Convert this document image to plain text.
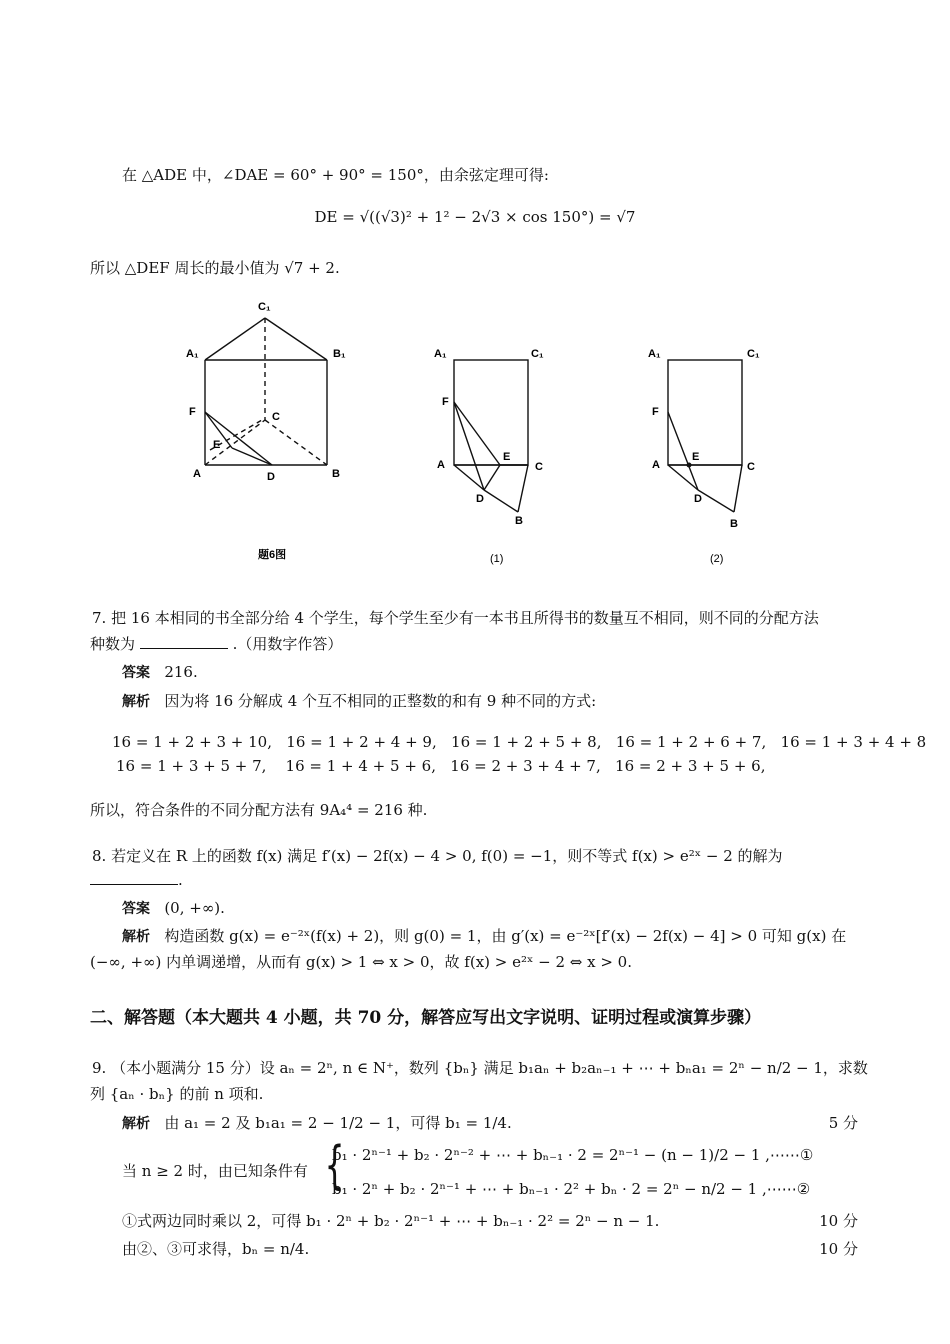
在 △ADE 中，∠DAE = 60° + 90° = 150°，由余弦定理可得:
DE = √((√3)² + 1² − 2√3 × cos 150°) = √7
所以 △DEF 周长的最小值为 √7 + 2.
C₁
A₁	B₁
F	C
E
A	D	B
A₁	C₁
F
E
A	C
D
B
A₁	C₁
F
E
A	C
D
B
题6图	(1)	(2)
7. 把 16 本相同的书全部分给 4 个学生，每个学生至少有一本书且所得书的数量互不相同，则不同的分配方法
种数为	.（用数字作答）
答案 216.
解析 因为将 16 分解成 4 个互不相同的正整数的和有 9 种不同的方式:
16 = 1 + 2 + 3 + 10,   16 = 1 + 2 + 4 + 9,   16 = 1 + 2 + 5 + 8,   16 = 1 + 2 + 6 + 7,   16 = 1 + 3 + 4 + 8
16 = 1 + 3 + 5 + 7,    16 = 1 + 4 + 5 + 6,   16 = 2 + 3 + 4 + 7,   16 = 2 + 3 + 5 + 6,
所以，符合条件的不同分配方法有 9A₄⁴ = 216 种.
8. 若定义在 R 上的函数 f(x) 满足 f′(x) − 2f(x) − 4 > 0, f(0) = −1，则不等式 f(x) > e²ˣ − 2 的解为
.
答案 (0, +∞).
解析 构造函数 g(x) = e⁻²ˣ(f(x) + 2)，则 g(0) = 1，由 g′(x) = e⁻²ˣ[f′(x) − 2f(x) − 4] > 0 可知 g(x) 在
(−∞, +∞) 内单调递增，从而有 g(x) > 1 ⇔ x > 0，故 f(x) > e²ˣ − 2 ⇔ x > 0.
二、解答题（本大题共 4 小题，共 70 分，解答应写出文字说明、证明过程或演算步骤）
9. （本小题满分 15 分）设 aₙ = 2ⁿ, n ∈ N⁺，数列 {bₙ} 满足 b₁aₙ + b₂aₙ₋₁ + ⋯ + bₙa₁ = 2ⁿ − n/2 − 1，求数
列 {aₙ · bₙ} 的前 n 项和.
解析 由 a₁ = 2 及 b₁a₁ = 2 − 1/2 − 1，可得 b₁ = 1/4.	5 分
当 n ≥ 2 时，由已知条件有 {
b₁ · 2ⁿ⁻¹ + b₂ · 2ⁿ⁻² + ⋯ + bₙ₋₁ · 2 = 2ⁿ⁻¹ − (n − 1)/2 − 1 ,⋯⋯①
b₁ · 2ⁿ + b₂ · 2ⁿ⁻¹ + ⋯ + bₙ₋₁ · 2² + bₙ · 2 = 2ⁿ − n/2 − 1 ,⋯⋯②
①式两边同时乘以 2，可得 b₁ · 2ⁿ + b₂ · 2ⁿ⁻¹ + ⋯ + bₙ₋₁ · 2² = 2ⁿ − n − 1.	10 分
由②、③可求得，bₙ = n/4.	10 分
